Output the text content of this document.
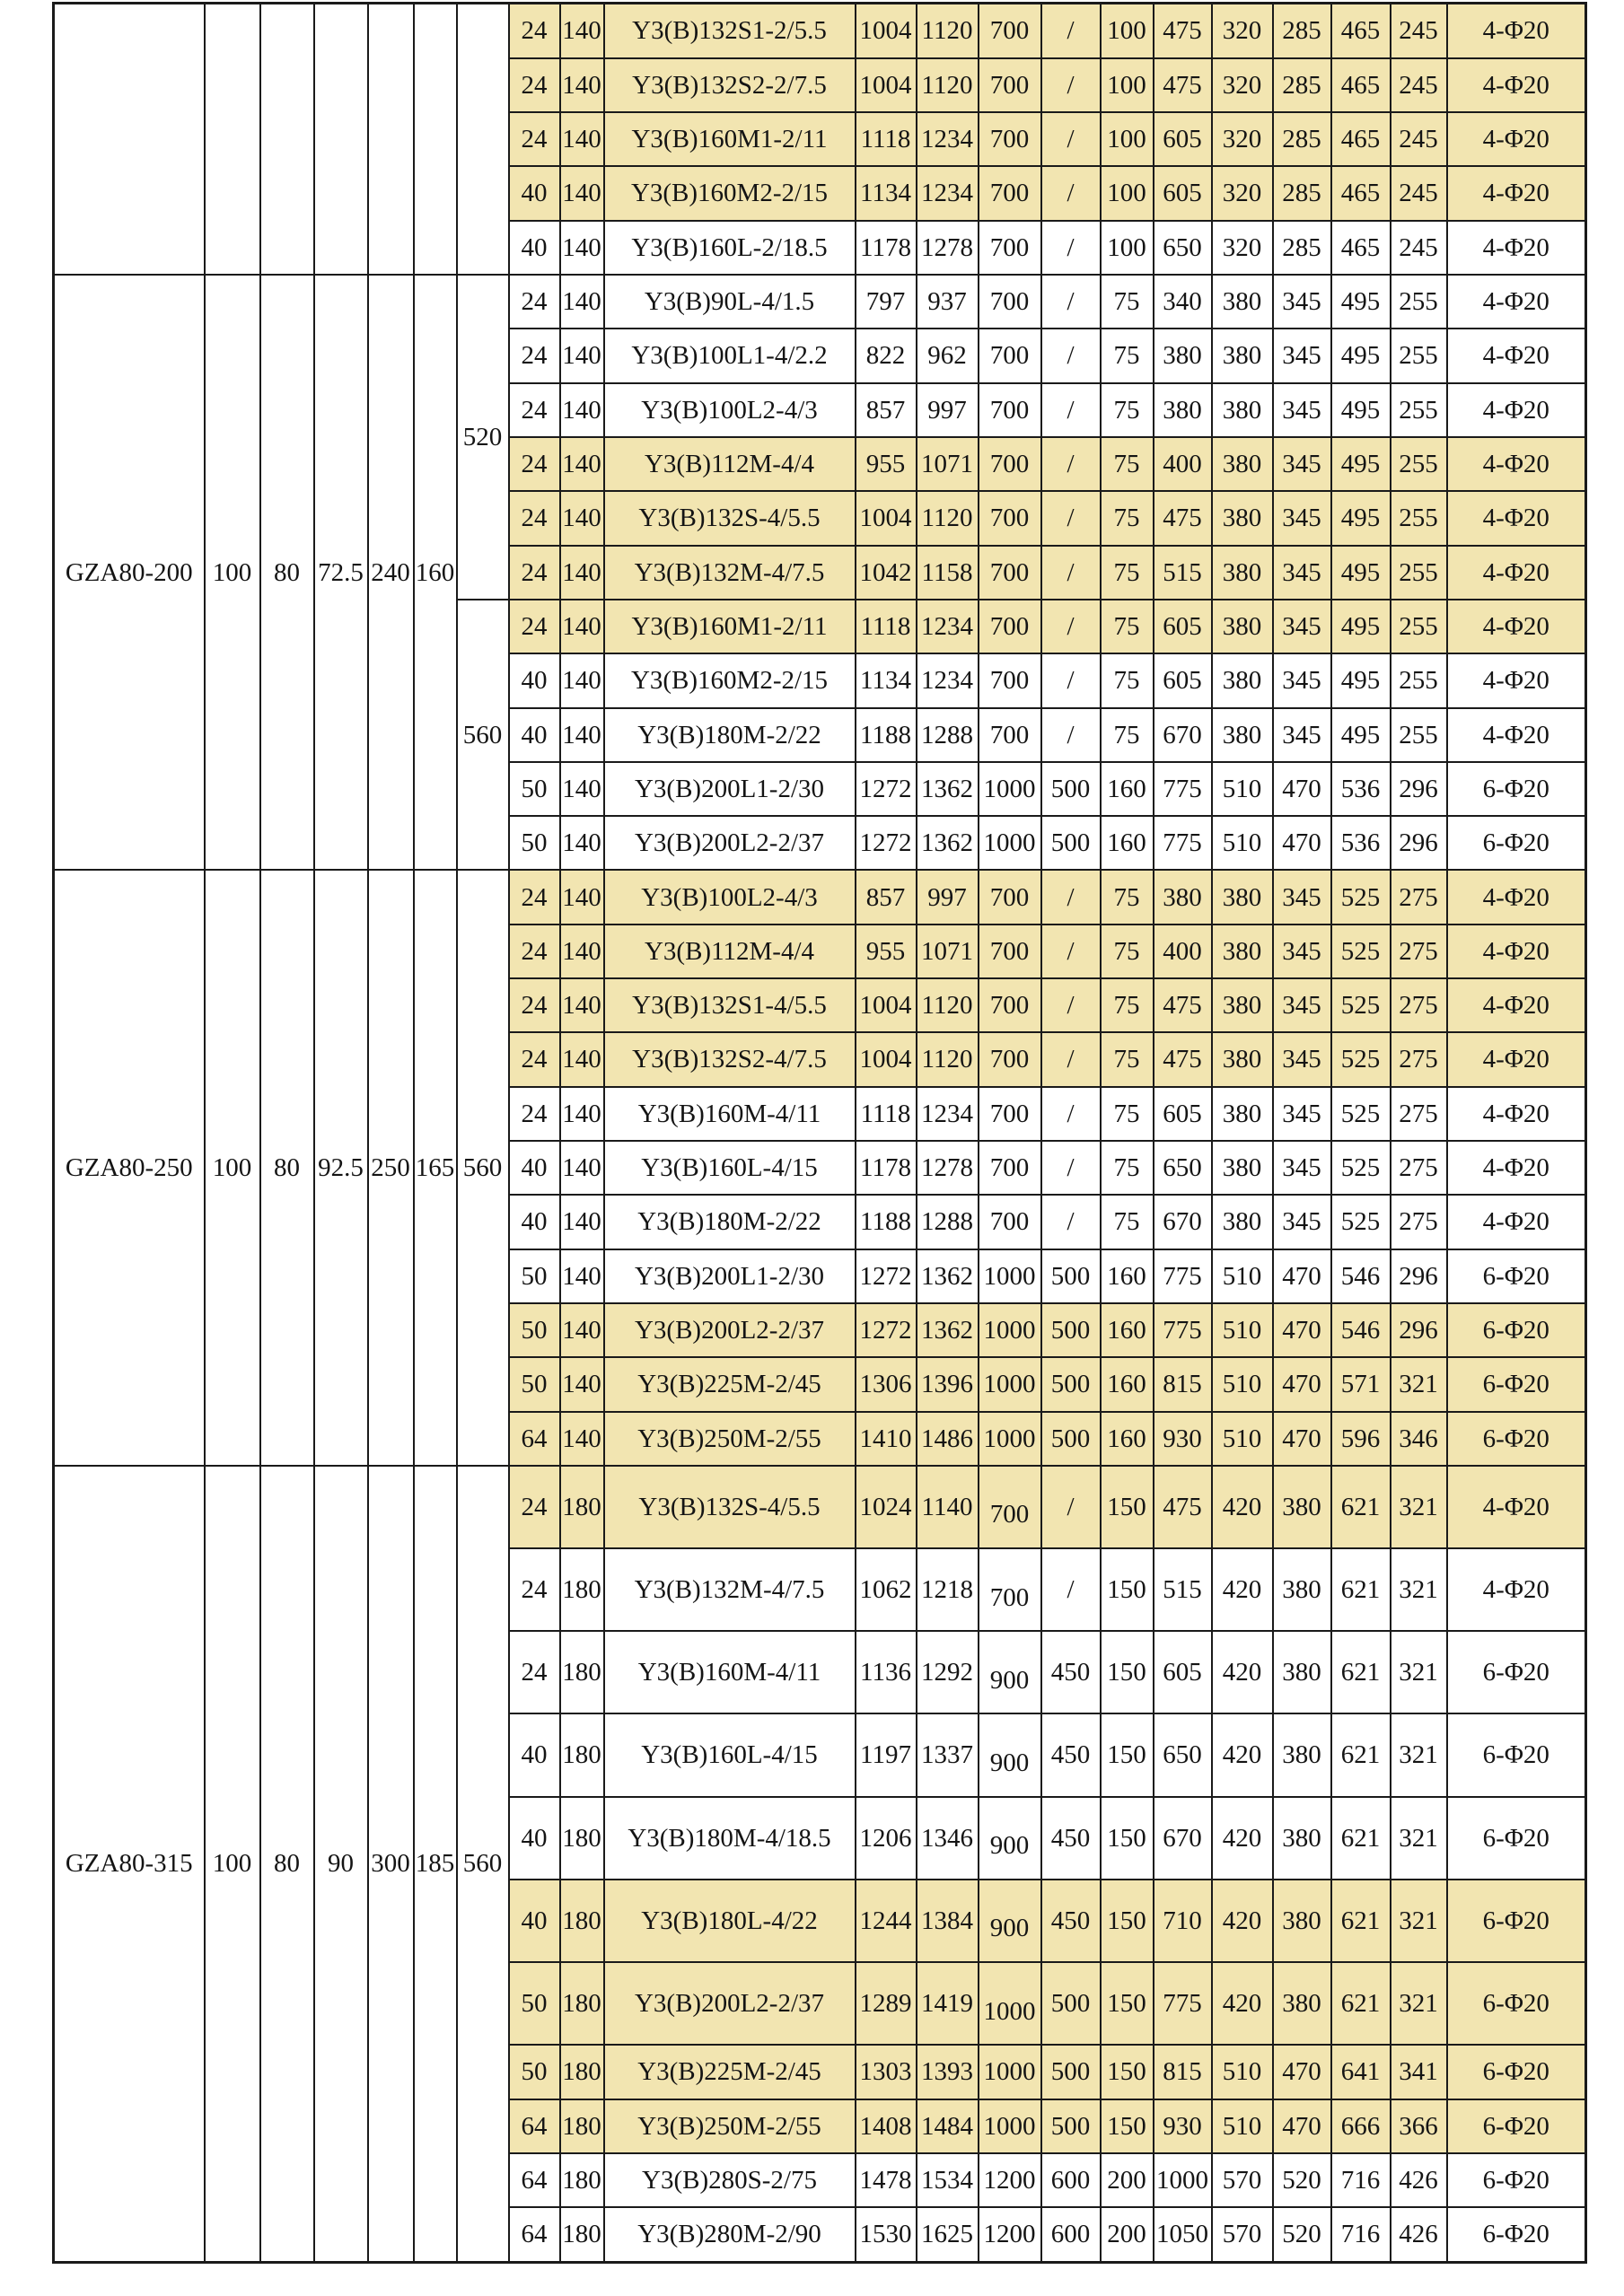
							24	140	Y3(B)132S1-2/5.5	1004	1120	700	/	100	475	320	285	465	245	4-Φ20
							24	140	Y3(B)132S2-2/7.5	1004	1120	700	/	100	475	320	285	465	245	4-Φ20
							24	140	Y3(B)160M1-2/11	1118	1234	700	/	100	605	320	285	465	245	4-Φ20
							40	140	Y3(B)160M2-2/15	1134	1234	700	/	100	605	320	285	465	245	4-Φ20
							40	140	Y3(B)160L-2/18.5	1178	1278	700	/	100	650	320	285	465	245	4-Φ20
GZA80-200	100	80	72.5	240	160	520	24	140	Y3(B)90L-4/1.5	797	937	700	/	75	340	380	345	495	255	4-Φ20
							24	140	Y3(B)100L1-4/2.2	822	962	700	/	75	380	380	345	495	255	4-Φ20
							24	140	Y3(B)100L2-4/3	857	997	700	/	75	380	380	345	495	255	4-Φ20
							24	140	Y3(B)112M-4/4	955	1071	700	/	75	400	380	345	495	255	4-Φ20
							24	140	Y3(B)132S-4/5.5	1004	1120	700	/	75	475	380	345	495	255	4-Φ20
							24	140	Y3(B)132M-4/7.5	1042	1158	700	/	75	515	380	345	495	255	4-Φ20
						560	24	140	Y3(B)160M1-2/11	1118	1234	700	/	75	605	380	345	495	255	4-Φ20
							40	140	Y3(B)160M2-2/15	1134	1234	700	/	75	605	380	345	495	255	4-Φ20
							40	140	Y3(B)180M-2/22	1188	1288	700	/	75	670	380	345	495	255	4-Φ20
							50	140	Y3(B)200L1-2/30	1272	1362	1000	500	160	775	510	470	536	296	6-Φ20
							50	140	Y3(B)200L2-2/37	1272	1362	1000	500	160	775	510	470	536	296	6-Φ20
GZA80-250	100	80	92.5	250	165	560	24	140	Y3(B)100L2-4/3	857	997	700	/	75	380	380	345	525	275	4-Φ20
							24	140	Y3(B)112M-4/4	955	1071	700	/	75	400	380	345	525	275	4-Φ20
							24	140	Y3(B)132S1-4/5.5	1004	1120	700	/	75	475	380	345	525	275	4-Φ20
							24	140	Y3(B)132S2-4/7.5	1004	1120	700	/	75	475	380	345	525	275	4-Φ20
							24	140	Y3(B)160M-4/11	1118	1234	700	/	75	605	380	345	525	275	4-Φ20
							40	140	Y3(B)160L-4/15	1178	1278	700	/	75	650	380	345	525	275	4-Φ20
							40	140	Y3(B)180M-2/22	1188	1288	700	/	75	670	380	345	525	275	4-Φ20
							50	140	Y3(B)200L1-2/30	1272	1362	1000	500	160	775	510	470	546	296	6-Φ20
							50	140	Y3(B)200L2-2/37	1272	1362	1000	500	160	775	510	470	546	296	6-Φ20
							50	140	Y3(B)225M-2/45	1306	1396	1000	500	160	815	510	470	571	321	6-Φ20
							64	140	Y3(B)250M-2/55	1410	1486	1000	500	160	930	510	470	596	346	6-Φ20
GZA80-315	100	80	90	300	185	560	24	180	Y3(B)132S-4/5.5	1024	1140	700	/	150	475	420	380	621	321	4-Φ20
							24	180	Y3(B)132M-4/7.5	1062	1218	700	/	150	515	420	380	621	321	4-Φ20
							24	180	Y3(B)160M-4/11	1136	1292	900	450	150	605	420	380	621	321	6-Φ20
							40	180	Y3(B)160L-4/15	1197	1337	900	450	150	650	420	380	621	321	6-Φ20
							40	180	Y3(B)180M-4/18.5	1206	1346	900	450	150	670	420	380	621	321	6-Φ20
							40	180	Y3(B)180L-4/22	1244	1384	900	450	150	710	420	380	621	321	6-Φ20
							50	180	Y3(B)200L2-2/37	1289	1419	1000	500	150	775	420	380	621	321	6-Φ20
							50	180	Y3(B)225M-2/45	1303	1393	1000	500	150	815	510	470	641	341	6-Φ20
							64	180	Y3(B)250M-2/55	1408	1484	1000	500	150	930	510	470	666	366	6-Φ20
							64	180	Y3(B)280S-2/75	1478	1534	1200	600	200	1000	570	520	716	426	6-Φ20
							64	180	Y3(B)280M-2/90	1530	1625	1200	600	200	1050	570	520	716	426	6-Φ20
